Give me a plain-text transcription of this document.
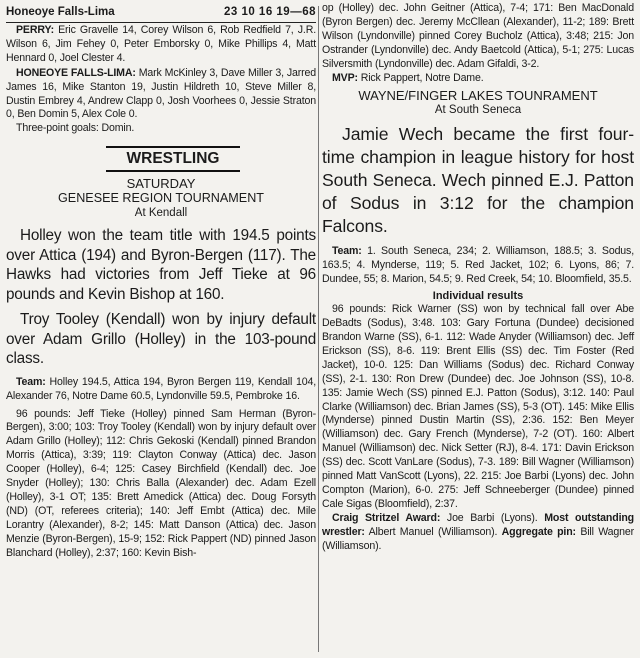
Honeoye Falls-Lima	23 10 16 19—68

PERRY: Eric Gravelle 14, Corey Wilson 6, Rob Redfield 7, J.R. Wilson 6, Jim Fehey 0, Peter Emborsky 0, Mike Phillips 4, Matt Hennard 0, Joel Clester 4.

HONEOYE FALLS-LIMA: Mark McKinley 3, Dave Miller 3, Jarred James 16, Mike Stanton 19, Justin Hildreth 10, Steve Miller 8, Dustin Embrey 4, Andrew Clapp 0, Josh Voorhees 0, Jessie Straton 0, Ben Domin 5, Alex Cole 0.

Three-point goals: Domin.

WRESTLING
SATURDAY
GENESEE REGION TOURNAMENT
At Kendall

Holley won the team title with 194.5 points over Attica (194) and Byron-Bergen (117). The Hawks had victories from Jeff Tieke at 96 pounds and Kevin Bishop at 160.

Troy Tooley (Kendall) won by injury default over Adam Grillo (Holley) in the 103-pound class.

Team: Holley 194.5, Attica 194, Byron Bergen 119, Kendall 104, Alexander 76, Notre Dame 60.5, Lyndonville 59.5, Pembroke 16.

96 pounds: Jeff Tieke (Holley) pinned Sam Herman (Byron-Bergen), 3:00; 103: Troy Tooley (Kendall) won by injury default over Adam Grillo (Holley); 112: Chris Gekoski (Kendall) pinned Brandon Morris (Attica), 3:39; 119: Clayton Conway (Attica) dec. Jason Cooper (Holley), 6-4; 125: Casey Birchfield (Kendall) dec. Joe Snyder (Holley); 130: Chris Balla (Alexander) dec. Adam Ezell (Holley), 3-1 OT; 135: Brett Amedick (Attica) dec. Doug Forsyth (ND) (OT, referees criteria); 140: Jeff Embt (Attica) dec. Mile Lorantry (Alexander), 8-2; 145: Matt Danson (Attica) dec. Jason Menzie (Byron-Bergen), 15-9; 152: Rick Pappert (ND) pinned Jason Blanchard (Holley), 2:37; 160: Kevin Bish-

op (Holley) dec. John Geitner (Attica), 7-4; 171: Ben MacDonald (Byron Bergen) dec. Jeremy McCllean (Alexander), 11-2; 189: Brett Wilson (Lyndonville) pinned Corey Bucholz (Attica), 3:48; 215: Jon Ostrander (Lyndonville) dec. Andy Baetcold (Attica), 5-1; 275: Lucas Silversmith (Lyndonville) dec. Adam Gifaldi, 3-2.

MVP: Rick Pappert, Notre Dame.

WAYNE/FINGER LAKES TOUNRAMENT
At South Seneca

Jamie Wech became the first four-time champion in league history for host South Seneca. Wech pinned E.J. Patton of Sodus in 3:12 for the champion Falcons.

Team: 1. South Seneca, 234; 2. Williamson, 188.5; 3. Sodus, 163.5; 4. Mynderse, 119; 5. Red Jacket, 102; 6. Lyons, 86; 7. Dundee, 55; 8. Marion, 54.5; 9. Red Creek, 54; 10. Bloomfield, 35.5.

Individual results

96 pounds: Rick Warner (SS) won by technical fall over Abe DeBadts (Sodus), 3:48. 103: Gary Fortuna (Dundee) decisioned Brandon Warne (SS), 6-1. 112: Wade Anyder (Williamson) dec. Jeff Erickson (SS), 8-6. 119: Brent Ellis (SS) dec. Tim Foster (Red Jacket), 10-0. 125: Dan Williams (Sodus) dec. Richard Conway (SS), 2-1. 130: Ron Drew (Dundee) dec. Joe Johnson (SS), 10-8. 135: Jamie Wech (SS) pinned E.J. Patton (Sodus), 3:12. 140: Paul Clarke (Williamson) dec. Brian James (SS), 5-3 (OT). 145: Mike Ellis (Mynderse) pinned Dustin Martin (SS), 2:36. 152: Ben Meyer (Williamson) dec. Gary French (Mynderse), 7-2 (OT). 160: Albert Manuel (Williamson) dec. Nick Setter (RJ), 8-4. 171: Davin Erickson (SS) dec. Scott VanLare (Sodus), 7-3. 189: Bill Wagner (Williamson) pinned Matt VanScott (Lyons), 22. 215: Joe Barbi (Lyons) dec. John Compton (Marion), 6-0. 275: Jeff Schneeberger (Dundee) pinned Cale Sigas (Bloomfield), 2:37.

Craig Stritzel Award: Joe Barbi (Lyons). Most outstanding wrestler: Albert Manuel (Williamson). Aggregate pin: Bill Wagner (Williamson).
